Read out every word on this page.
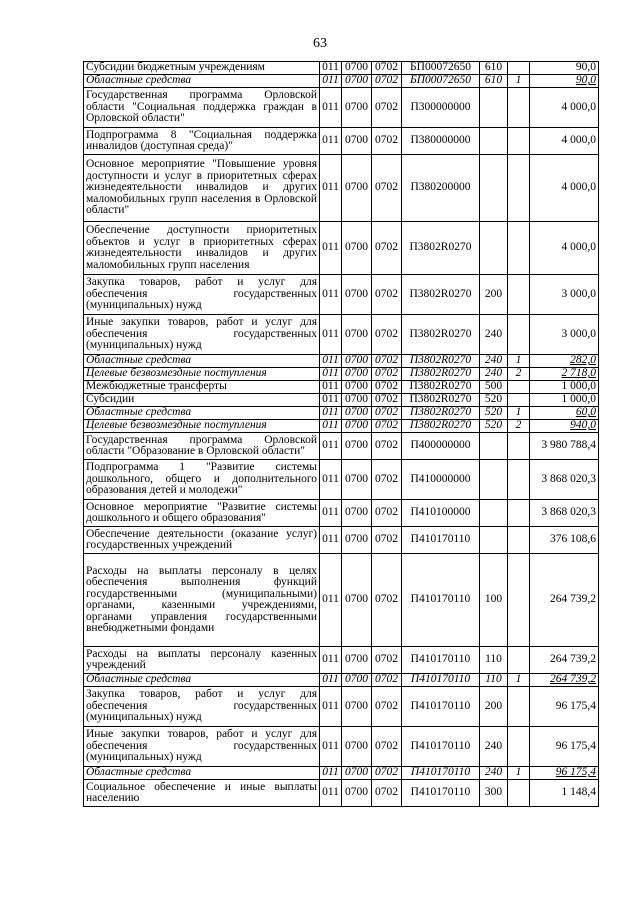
63
Субсидии бюджетным учреждениям	011	0700	0702	БП00072650	610		90,0
Областные средства	011	0700	0702	БП00072650	610	1	90,0
Государственная программа Орловской области "Социальная поддержка граждан в Орловской области"	011	0700	0702	П300000000			4 000,0
Подпрограмма 8 "Социальная поддержка инвалидов (доступная среда)"	011	0700	0702	П380000000			4 000,0
Основное мероприятие "Повышение уровня доступности и услуг в приоритетных сферах жизнедеятельности инвалидов и других маломобильных групп населения в Орловской области"	011	0700	0702	П380200000			4 000,0
Обеспечение доступности приоритетных объектов и услуг в приоритетных сферах жизнедеятельности инвалидов и других маломобильных групп населения	011	0700	0702	П3802R0270			4 000,0
Закупка товаров, работ и услуг для обеспечения государственных (муниципальных) нужд	011	0700	0702	П3802R0270	200		3 000,0
Иные закупки товаров, работ и услуг для обеспечения государственных (муниципальных) нужд	011	0700	0702	П3802R0270	240		3 000,0
Областные средства	011	0700	0702	П3802R0270	240	1	282,0
Целевые безвозмездные поступления	011	0700	0702	П3802R0270	240	2	2 718,0
Межбюджетные трансферты	011	0700	0702	П3802R0270	500		1 000,0
Субсидии	011	0700	0702	П3802R0270	520		1 000,0
Областные средства	011	0700	0702	П3802R0270	520	1	60,0
Целевые безвозмездные поступления	011	0700	0702	П3802R0270	520	2	940,0
Государственная программа Орловской области "Образование в Орловской области"	011	0700	0702	П400000000			3 980 788,4
Подпрограмма 1 "Развитие системы дошкольного, общего и дополнительного образования детей и молодежи"	011	0700	0702	П410000000			3 868 020,3
Основное мероприятие "Развитие системы дошкольного и общего образования"	011	0700	0702	П410100000			3 868 020,3
Обеспечение деятельности (оказание услуг) государственных учреждений	011	0700	0702	П410170110			376 108,6
Расходы на выплаты персоналу в целях обеспечения выполнения функций государственными (муниципальными) органами, казенными учреждениями, органами управления государственными внебюджетными фондами	011	0700	0702	П410170110	100		264 739,2
Расходы на выплаты персоналу казенных учреждений	011	0700	0702	П410170110	110		264 739,2
Областные средства	011	0700	0702	П410170110	110	1	264 739,2
Закупка товаров, работ и услуг для обеспечения государственных (муниципальных) нужд	011	0700	0702	П410170110	200		96 175,4
Иные закупки товаров, работ и услуг для обеспечения государственных (муниципальных) нужд	011	0700	0702	П410170110	240		96 175,4
Областные средства	011	0700	0702	П410170110	240	1	96 175,4
Социальное обеспечение и иные выплаты населению	011	0700	0702	П410170110	300		1 148,4
